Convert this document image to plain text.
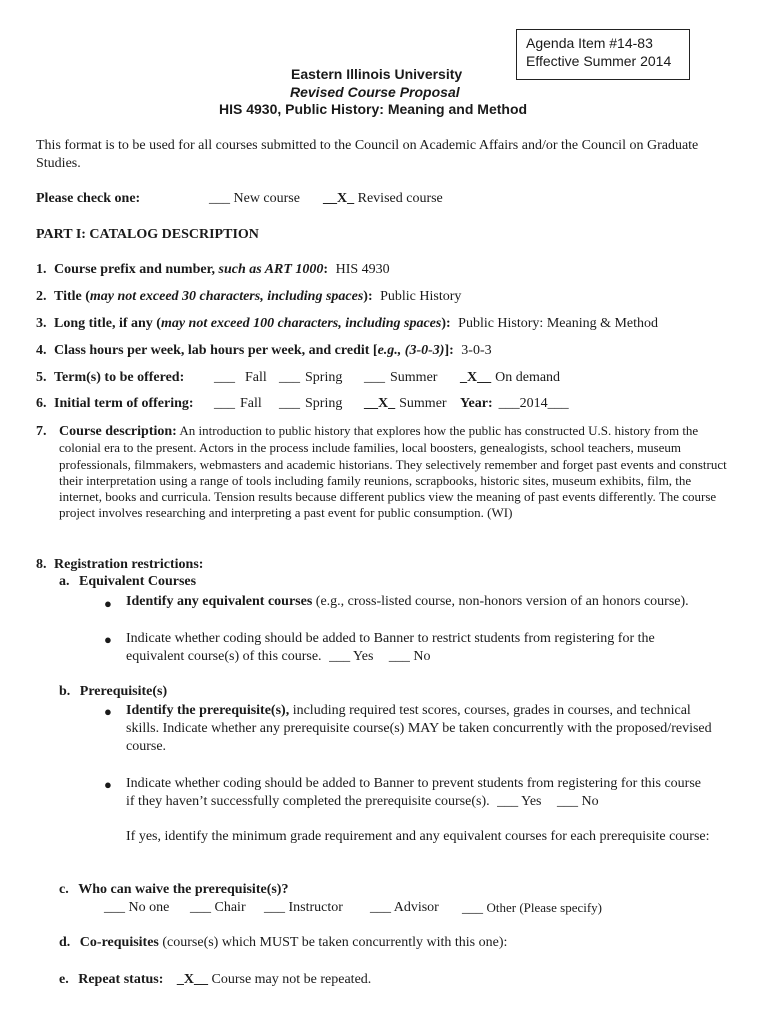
Agenda Item #14-83
Effective Summer 2014
Eastern Illinois University
Revised Course Proposal
HIS 4930, Public History: Meaning and Method
This format is to be used for all courses submitted to the Council on Academic Affairs and/or the Council on Graduate Studies.
Please check one:	___ New course __X_ Revised course
PART I: CATALOG DESCRIPTION
1. Course prefix and number, such as ART 1000: HIS 4930
2. Title (may not exceed 30 characters, including spaces): Public History
3. Long title, if any (may not exceed 100 characters, including spaces): Public History: Meaning & Method
4. Class hours per week, lab hours per week, and credit [e.g., (3-0-3)]: 3-0-3
5. Term(s) to be offered: ___ Fall ___ Spring ___ Summer _X__ On demand
6. Initial term of offering: ___ Fall ___ Spring __X_ Summer Year: ___2014___
7. Course description: An introduction to public history that explores how the public has constructed U.S. history from the colonial era to the present. Actors in the process include families, local boosters, genealogists, school teachers, museum professionals, filmmakers, webmasters and academic historians. They selectively remember and forget past events and construct their interpretation using a range of tools including family reunions, scrapbooks, historic sites, museum exhibits, film, the internet, books and curricula. Tension results because different publics view the meaning of past events differently. The course project involves researching and interpreting a past event for public consumption. (WI)
8. Registration restrictions:
a. Equivalent Courses
● Identify any equivalent courses (e.g., cross-listed course, non-honors version of an honors course).
● Indicate whether coding should be added to Banner to restrict students from registering for the equivalent course(s) of this course. ___ Yes ___ No
b. Prerequisite(s)
● Identify the prerequisite(s), including required test scores, courses, grades in courses, and technical skills. Indicate whether any prerequisite course(s) MAY be taken concurrently with the proposed/revised course.
● Indicate whether coding should be added to Banner to prevent students from registering for this course if they haven’t successfully completed the prerequisite course(s). ___ Yes ___ No
If yes, identify the minimum grade requirement and any equivalent courses for each prerequisite course:
c. Who can waive the prerequisite(s)?
___ No one ___ Chair ___ Instructor ___ Advisor ___ Other (Please specify)
d. Co-requisites (course(s) which MUST be taken concurrently with this one):
e. Repeat status: _X__ Course may not be repeated.
